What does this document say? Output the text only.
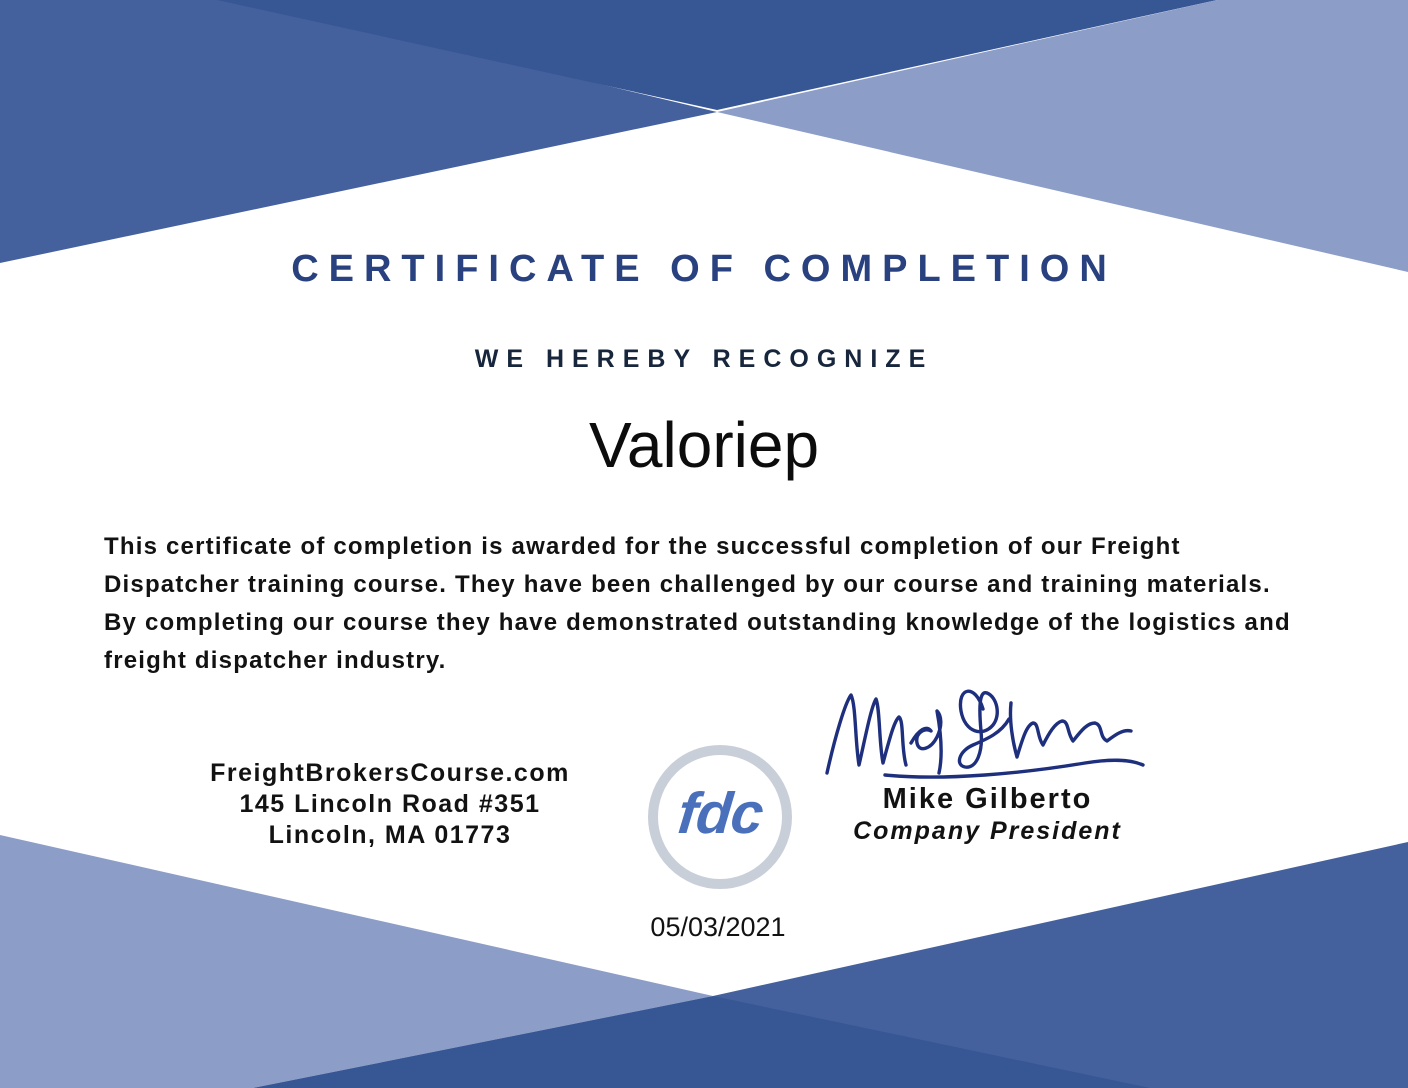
CERTIFICATE OF COMPLETION
WE HEREBY RECOGNIZE
Valoriep

This certificate of completion is awarded for the successful completion of our Freight Dispatcher training course. They have been challenged by our course and training materials. By completing our course they have demonstrated outstanding knowledge of the logistics and freight dispatcher industry.

FreightBrokersCourse.com
145 Lincoln Road #351
Lincoln, MA 01773	fdc	Mike Gilberto
Company President
05/03/2021
